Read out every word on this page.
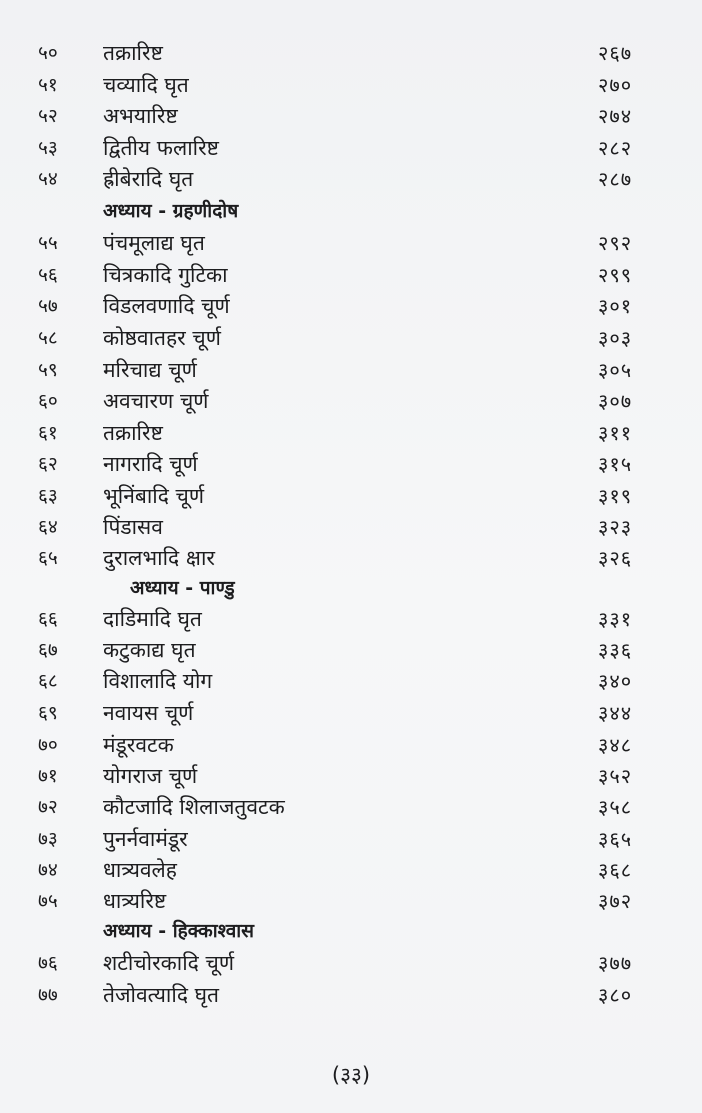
५०	तक्रारिष्ट	२६७
५१	चव्यादि घृत	२७०
५२	अभयारिष्ट	२७४
५३	द्वितीय फलारिष्ट	२८२
५४	ह्रीबेरादि घृत	२८७
अध्याय - ग्रहणीदोष
५५	पंचमूलाद्य घृत	२९२
५६	चित्रकादि गुटिका	२९९
५७	विडलवणादि चूर्ण	३०१
५८	कोष्ठवातहर चूर्ण	३०३
५९	मरिचाद्य चूर्ण	३०५
६०	अवचारण चूर्ण	३०७
६१	तक्रारिष्ट	३११
६२	नागरादि चूर्ण	३१५
६३	भूनिंबादि चूर्ण	३१९
६४	पिंडासव	३२३
६५	दुरालभादि क्षार	३२६
अध्याय - पाण्डु
६६	दाडिमादि घृत	३३१
६७	कटुकाद्य घृत	३३६
६८	विशालादि योग	३४०
६९	नवायस चूर्ण	३४४
७०	मंडूरवटक	३४८
७१	योगराज चूर्ण	३५२
७२	कौटजादि शिलाजतुवटक	३५८
७३	पुनर्नवामंडूर	३६५
७४	धात्र्यवलेह	३६८
७५	धात्र्यरिष्ट	३७२
अध्याय - हिक्काश्वास
७६	शटीचोरकादि चूर्ण	३७७
७७	तेजोवत्यादि घृत	३८०
(३३)
